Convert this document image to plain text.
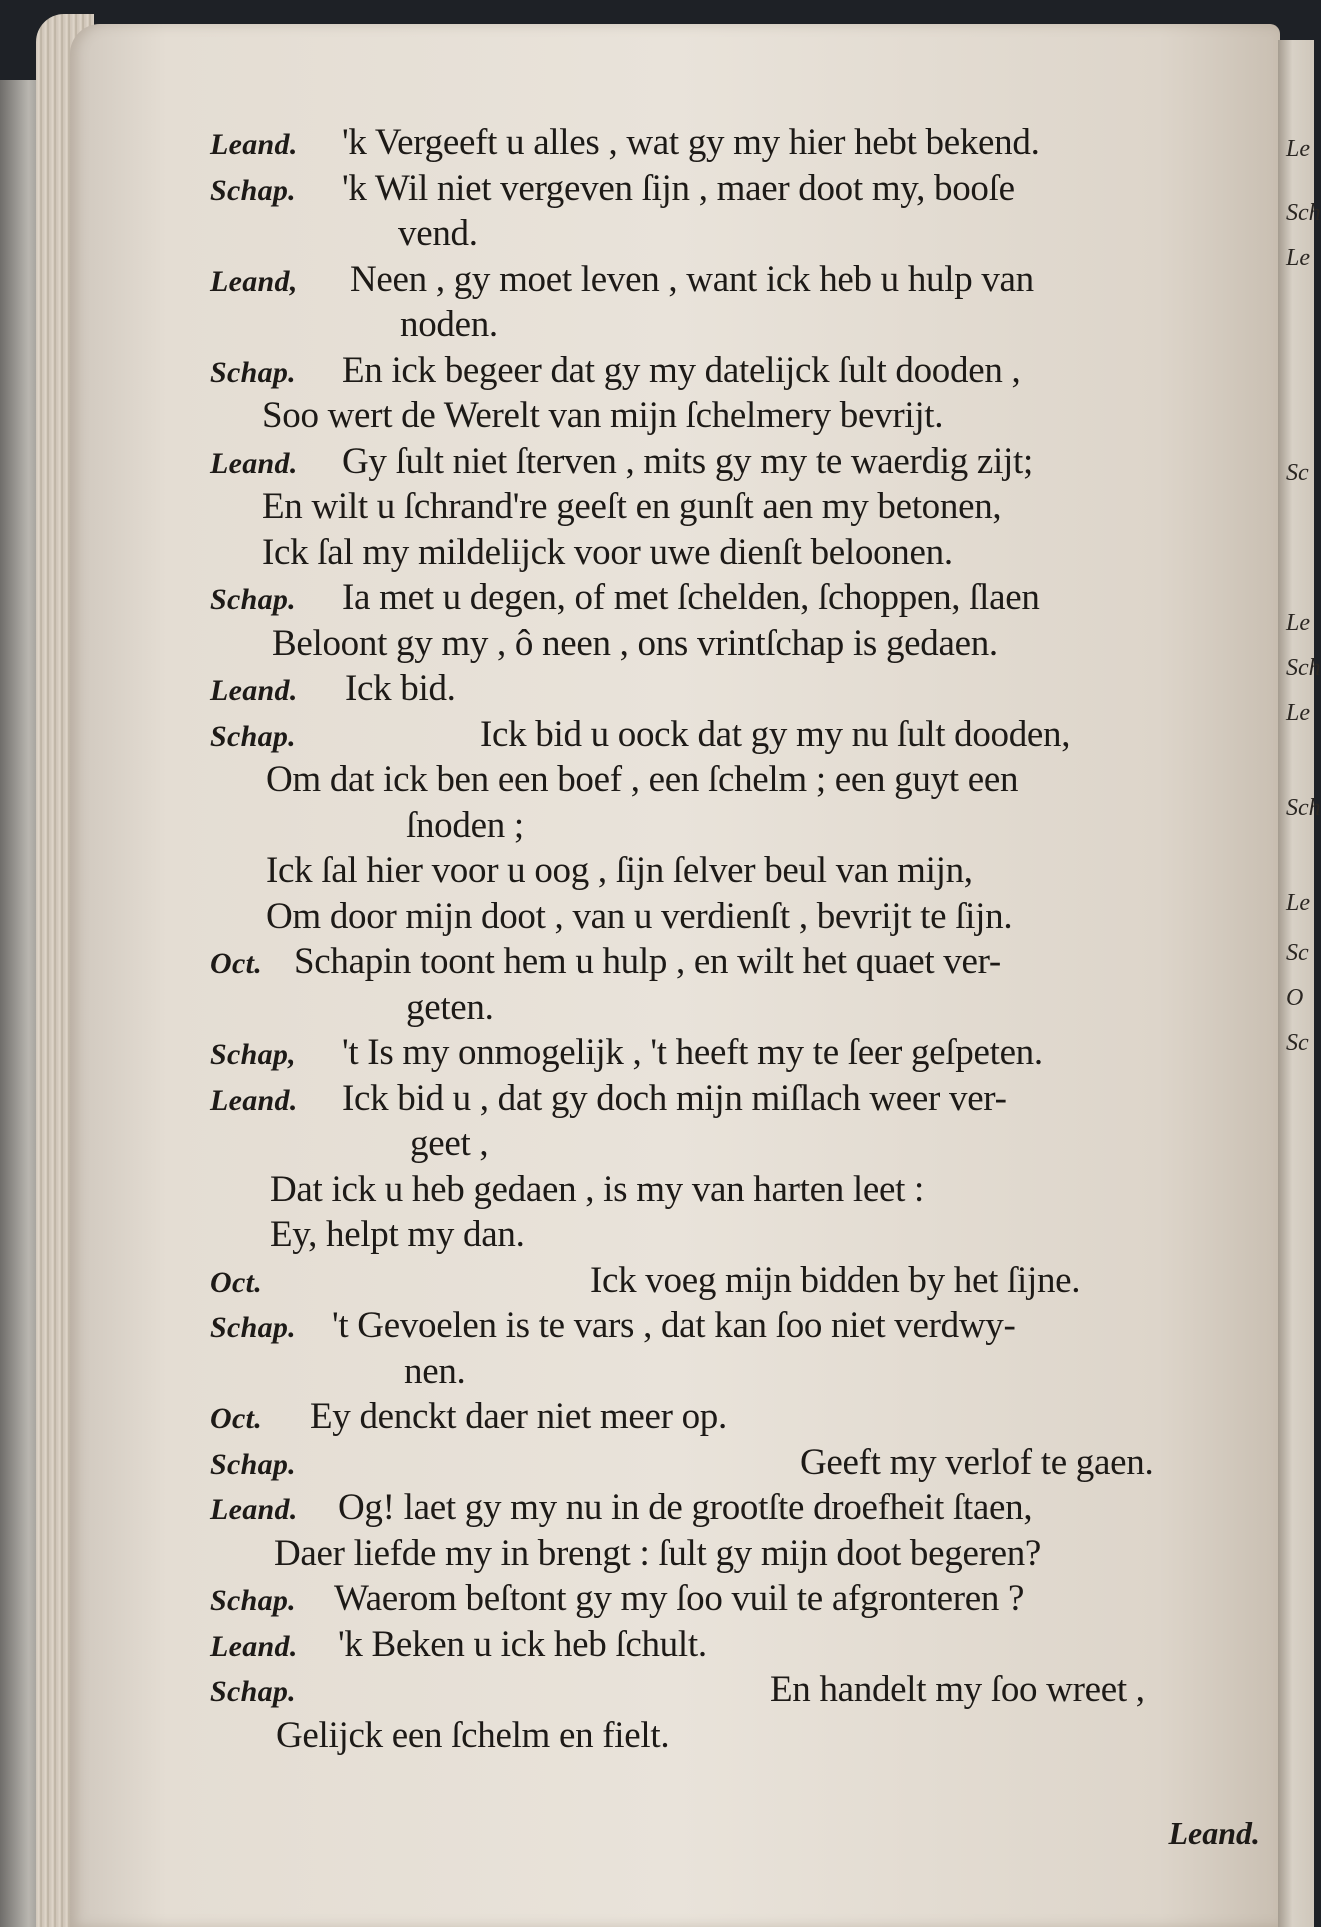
Le
Sch
Le
Sc
Le
Sch
Le
Sch
Le
Sc
O
Sc
Leand. 'k Vergeeft u alles , wat gy my hier hebt bekend.
Schap. 'k Wil niet vergeven ſijn , maer doot my, booſe
vend.
Leand, Neen , gy moet leven , want ick heb u hulp van
noden.
Schap. En ick begeer dat gy my datelijck ſult dooden ,
Soo wert de Werelt van mijn ſchelmery bevrijt.
Leand. Gy ſult niet ſterven , mits gy my te waerdig zijt;
En wilt u ſchrand're geeſt en gunſt aen my betonen,
Ick ſal my mildelijck voor uwe dienſt beloonen.
Schap. Ia met u degen, of met ſchelden, ſchoppen, ſlaen
Beloont gy my , ô neen , ons vrintſchap is gedaen.
Leand. Ick bid.
Schap.	Ick bid u oock dat gy my nu ſult dooden,
Om dat ick ben een boef , een ſchelm ; een guyt een
ſnoden ;
Ick ſal hier voor u oog , ſijn ſelver beul van mijn,
Om door mijn doot , van u verdienſt , bevrijt te ſijn.
Oct. Schapin toont hem u hulp , en wilt het quaet ver-
geten.
Schap, 't Is my onmogelijk , 't heeft my te ſeer geſpeten.
Leand. Ick bid u , dat gy doch mijn miſlach weer ver-
geet ,
Dat ick u heb gedaen , is my van harten leet :
Ey, helpt my dan.
Oct.	Ick voeg mijn bidden by het ſijne.
Schap. 't Gevoelen is te vars , dat kan ſoo niet verdwy-
nen.
Oct. Ey denckt daer niet meer op.
Schap.	Geeft my verlof te gaen.
Leand. Og! laet gy my nu in de grootſte droefheit ſtaen,
Daer liefde my in brengt : ſult gy mijn doot begeren?
Schap. Waerom beſtont gy my ſoo vuil te afgronteren ?
Leand. 'k Beken u ick heb ſchult.
Schap.	En handelt my ſoo wreet ,
Gelijck een ſchelm en fielt.
Leand.
